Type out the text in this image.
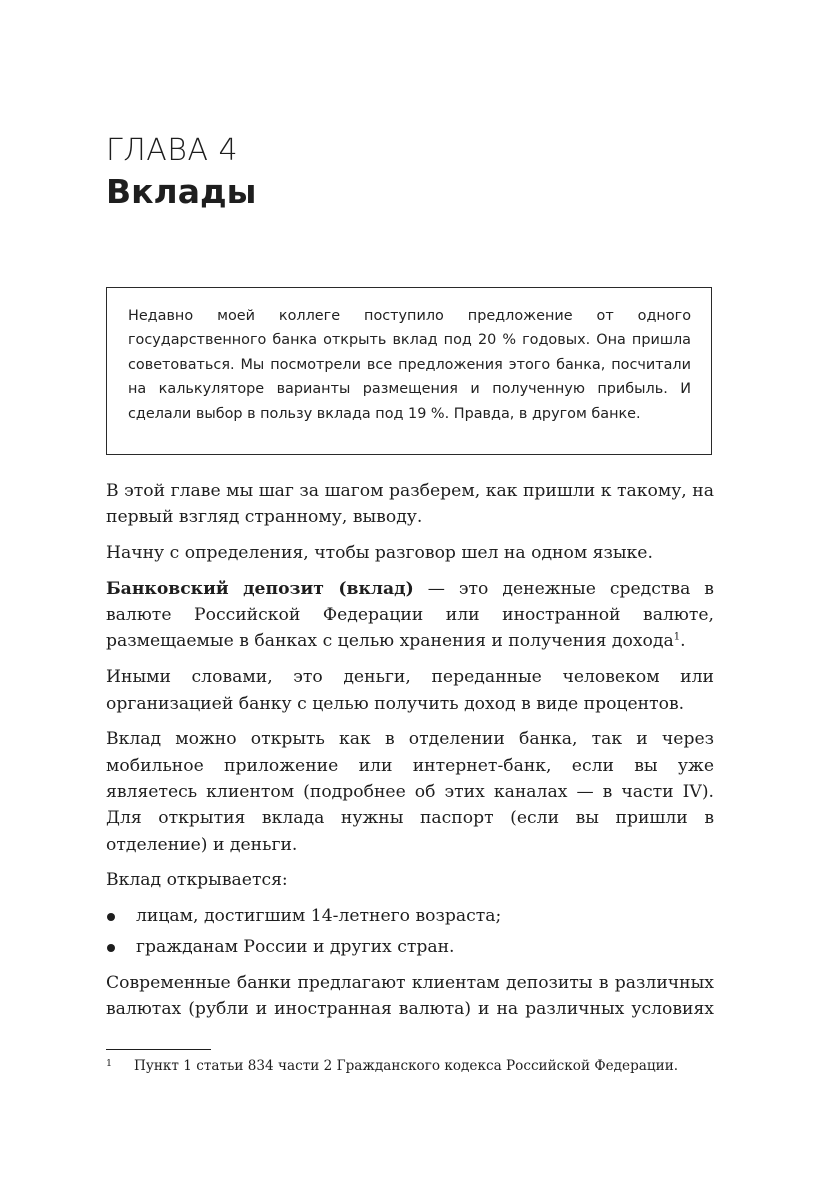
ГЛАВА 4
Вклады

Недавно моей коллеге поступило предложение от одного государственного банка открыть вклад под 20 % годовых. Она пришла советоваться. Мы посмотрели все предложения этого банка, посчитали на калькуляторе варианты размещения и полученную прибыль. И сделали выбор в пользу вклада под 19 %. Правда, в другом банке.

В этой главе мы шаг за шагом разберем, как пришли к такому, на первый взгляд странному, выводу.

Начну с определения, чтобы разговор шел на одном языке.

Банковский депозит (вклад) — это денежные средства в валюте Российской Федерации или иностранной валюте, размещаемые в банках с целью хранения и получения дохода$^1$.

Иными словами, это деньги, переданные человеком или организацией банку с целью получить доход в виде процентов.

Вклад можно открыть как в отделении банка, так и через мобильное приложение или интернет-банк, если вы уже являетесь клиентом (подробнее об этих каналах — в части IV). Для открытия вклада нужны паспорт (если вы пришли в отделение) и деньги.

Вклад открывается:

лицам, достигшим 14-летнего возраста;
гражданам России и других стран.

Современные банки предлагают клиентам депозиты в различных валютах (рубли и иностранная валюта) и на различных условиях

1 Пункт 1 статьи 834 части 2 Гражданского кодекса Российской Федерации.
